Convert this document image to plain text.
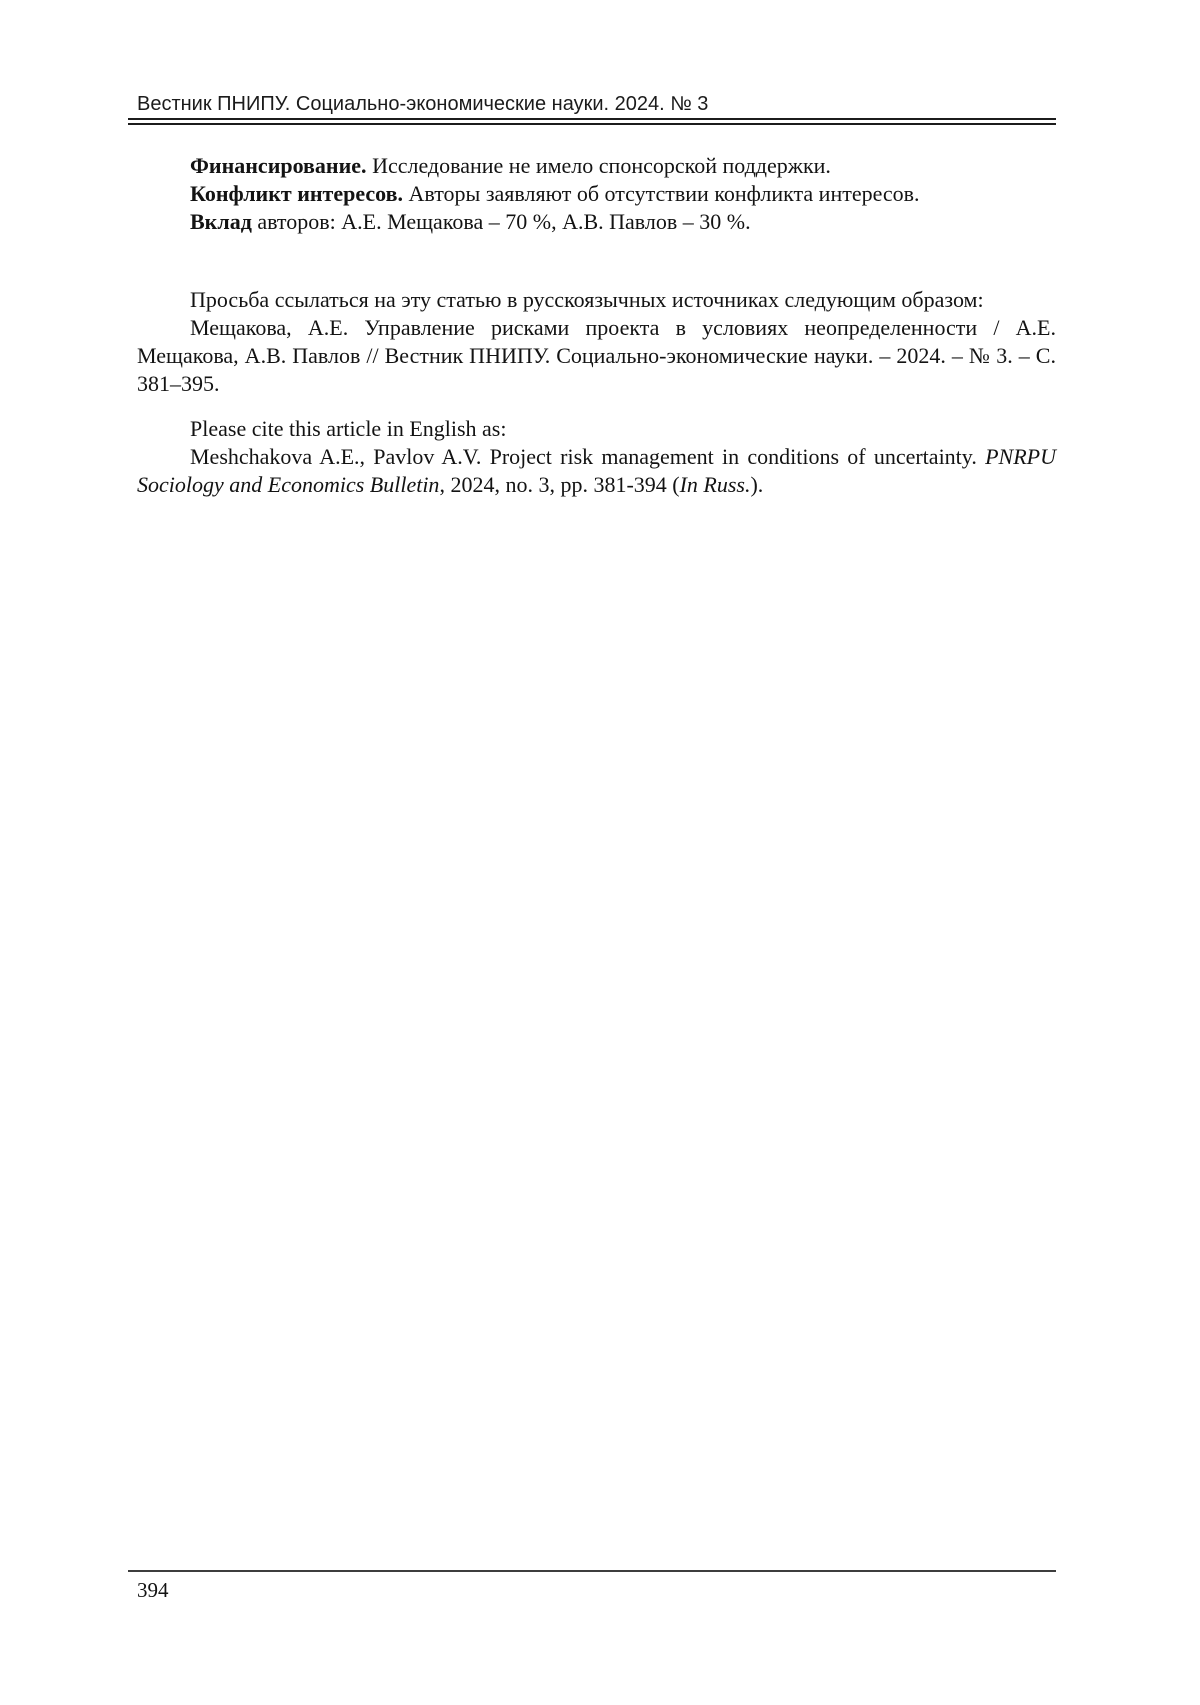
Вестник ПНИПУ. Социально-экономические науки. 2024. № 3

Финансирование. Исследование не имело спонсорской поддержки.

Конфликт интересов. Авторы заявляют об отсутствии конфликта интересов.

Вклад авторов: А.Е. Мещакова – 70 %, А.В. Павлов – 30 %.

Просьба ссылаться на эту статью в русскоязычных источниках следующим образом:

Мещакова, А.Е. Управление рисками проекта в условиях неопределенности / А.Е. Мещакова, А.В. Павлов // Вестник ПНИПУ. Социально-экономические науки. – 2024. – № 3. – С. 381–395.

Please cite this article in English as:

Meshchakova A.E., Pavlov A.V. Project risk management in conditions of uncertainty. PNRPU Sociology and Economics Bulletin, 2024, no. 3, pp. 381-394 (In Russ.).

394
